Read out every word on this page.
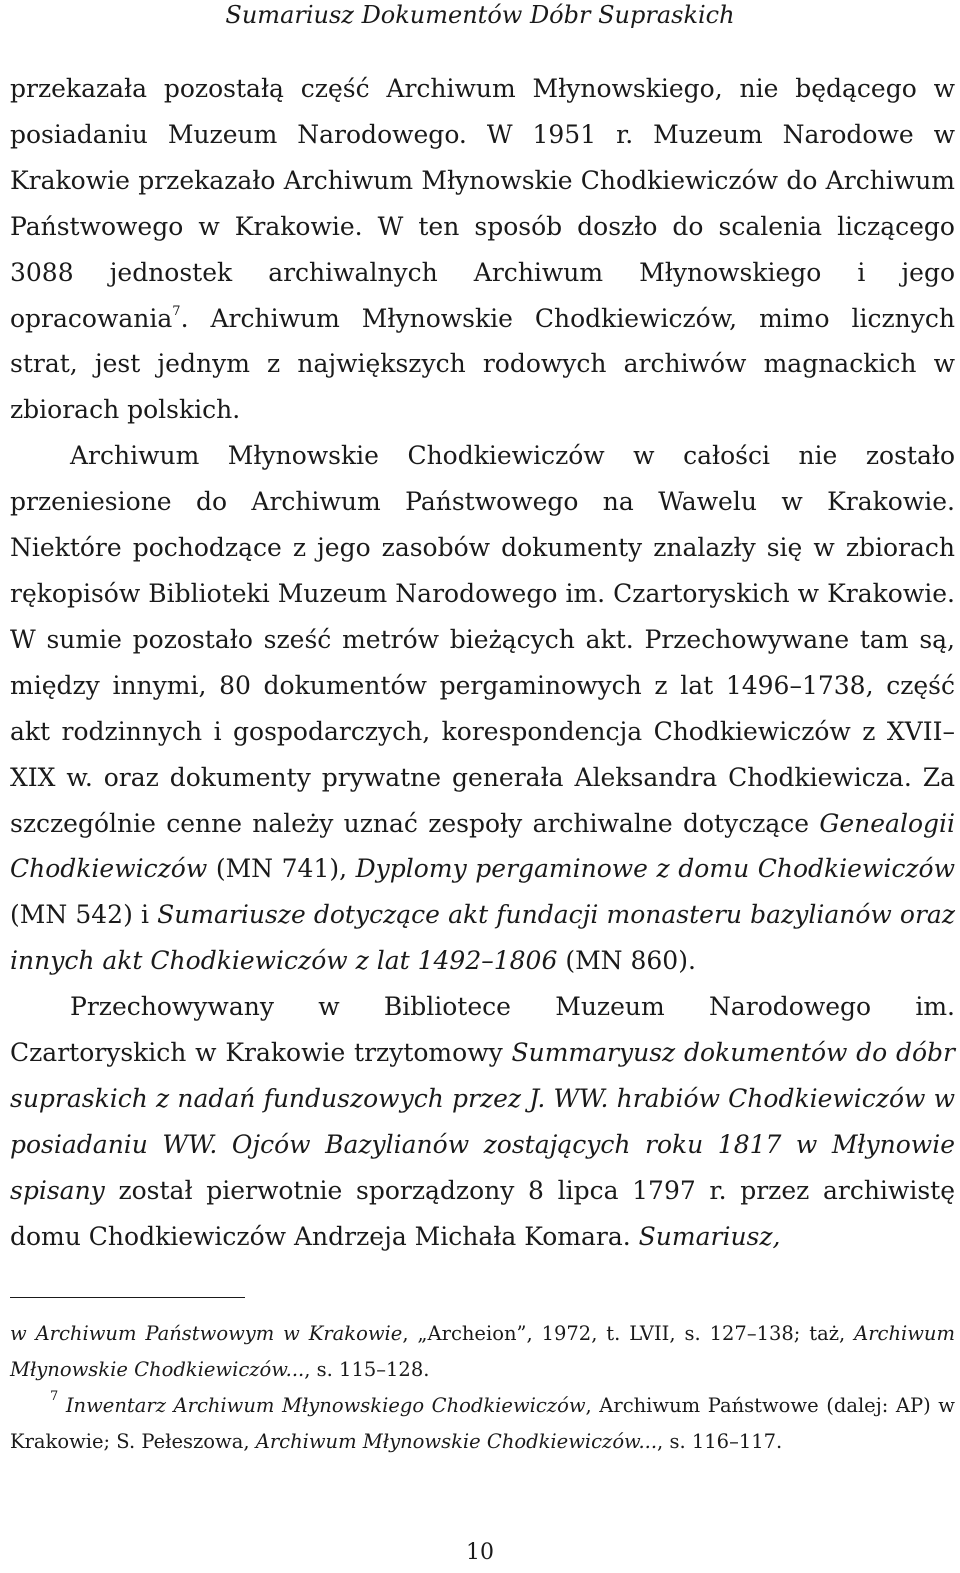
Sumariusz Dokumentów Dóbr Supraskich

przekazała pozostałą część Archiwum Młynowskiego, nie będącego w posiadaniu Muzeum Narodowego. W 1951 r. Muzeum Narodowe w Krakowie przekazało Archiwum Młynowskie Chodkiewiczów do Archiwum Państwowego w Krakowie. W ten sposób doszło do scalenia liczącego 3088 jednostek archiwalnych Archiwum Młynowskiego i jego opracowania$^7$. Archiwum Młynowskie Chodkiewiczów, mimo licznych strat, jest jednym z największych rodowych archiwów magnackich w zbiorach polskich.

Archiwum Młynowskie Chodkiewiczów w całości nie zostało przeniesione do Archiwum Państwowego na Wawelu w Krakowie. Niektóre pochodzące z jego zasobów dokumenty znalazły się w zbiorach rękopisów Biblioteki Muzeum Narodowego im. Czartoryskich w Krakowie. W sumie pozostało sześć metrów bieżących akt. Przechowywane tam są, między innymi, 80 dokumentów pergaminowych z lat 1496–1738, część akt rodzinnych i gospodarczych, korespondencja Chodkiewiczów z XVII–XIX w. oraz dokumenty prywatne generała Aleksandra Chodkiewicza. Za szczególnie cenne należy uznać zespoły archiwalne dotyczące Genealogii Chodkiewiczów (MN 741), Dyplomy pergaminowe z domu Chodkiewiczów (MN 542) i Sumariusze dotyczące akt fundacji monasteru bazylianów oraz innych akt Chodkiewiczów z lat 1492–1806 (MN 860).

Przechowywany w Bibliotece Muzeum Narodowego im. Czartoryskich w Krakowie trzytomowy Summaryusz dokumentów do dóbr supraskich z nadań funduszowych przez J. WW. hrabiów Chodkiewiczów w posiadaniu WW. Ojców Bazylianów zostających roku 1817 w Młynowie spisany został pierwotnie sporządzony 8 lipca 1797 r. przez archiwistę domu Chodkiewiczów Andrzeja Michała Komara. Sumariusz,

w Archiwum Państwowym w Krakowie, „Archeion”, 1972, t. LVII, s. 127–138; taż, Archiwum Młynowskie Chodkiewiczów..., s. 115–128.

$^7$ Inwentarz Archiwum Młynowskiego Chodkiewiczów, Archiwum Państwowe (dalej: AP) w Krakowie; S. Pełeszowa, Archiwum Młynowskie Chodkiewiczów..., s. 116–117.

10
